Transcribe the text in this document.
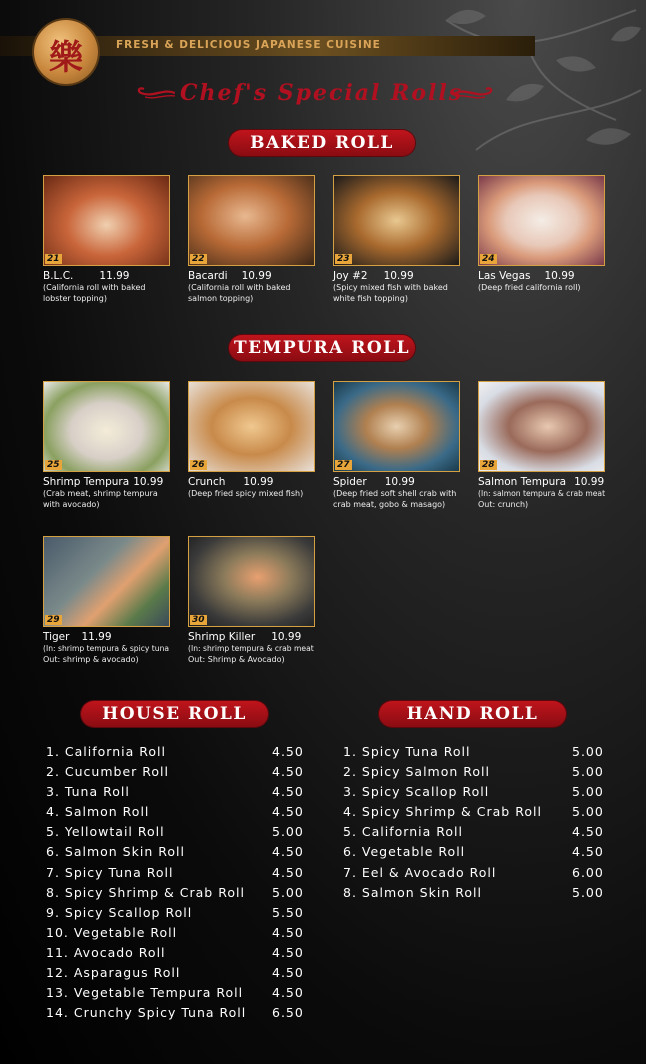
FRESH & DELICIOUS JAPANESE CUISINE
樂
Chef's Special Rolls
BAKED ROLL
21
B.L.C. 11.99
(California roll with baked
lobster topping)
22
Bacardi 10.99
(California roll with baked
salmon topping)
23
Joy #2 10.99
(Spicy mixed fish with baked
white fish topping)
24
Las Vegas 10.99
(Deep fried california roll)
TEMPURA ROLL
25
Shrimp Tempura 10.99
(Crab meat, shrimp tempura
with avocado)
26
Crunch 10.99
(Deep fried spicy mixed fish)
27
Spider 10.99
(Deep fried soft shell crab with
crab meat, gobo & masago)
28
Salmon Tempura 10.99
(In: salmon tempura & crab meat
Out: crunch)
29
Tiger 11.99
(In: shrimp tempura & spicy tuna
Out: shrimp & avocado)
30
Shrimp Killer 10.99
(In: shrimp tempura & crab meat
Out: Shrimp & Avocado)
HOUSE ROLL
1. California Roll	4.50
2. Cucumber Roll	4.50
3. Tuna Roll	4.50
4. Salmon Roll	4.50
5. Yellowtail Roll	5.00
6. Salmon Skin Roll	4.50
7. Spicy Tuna Roll	4.50
8. Spicy Shrimp & Crab Roll 5.00
9. Spicy Scallop Roll	5.50
10. Vegetable Roll	4.50
11. Avocado Roll	4.50
12. Asparagus Roll	4.50
13. Vegetable Tempura Roll 4.50
14. Crunchy Spicy Tuna Roll 6.50
HAND ROLL
1. Spicy Tuna Roll	5.00
2. Spicy Salmon Roll	5.00
3. Spicy Scallop Roll	5.00
4. Spicy Shrimp & Crab Roll 5.00
5. California Roll	4.50
6. Vegetable Roll	4.50
7. Eel & Avocado Roll	6.00
8. Salmon Skin Roll	5.00
